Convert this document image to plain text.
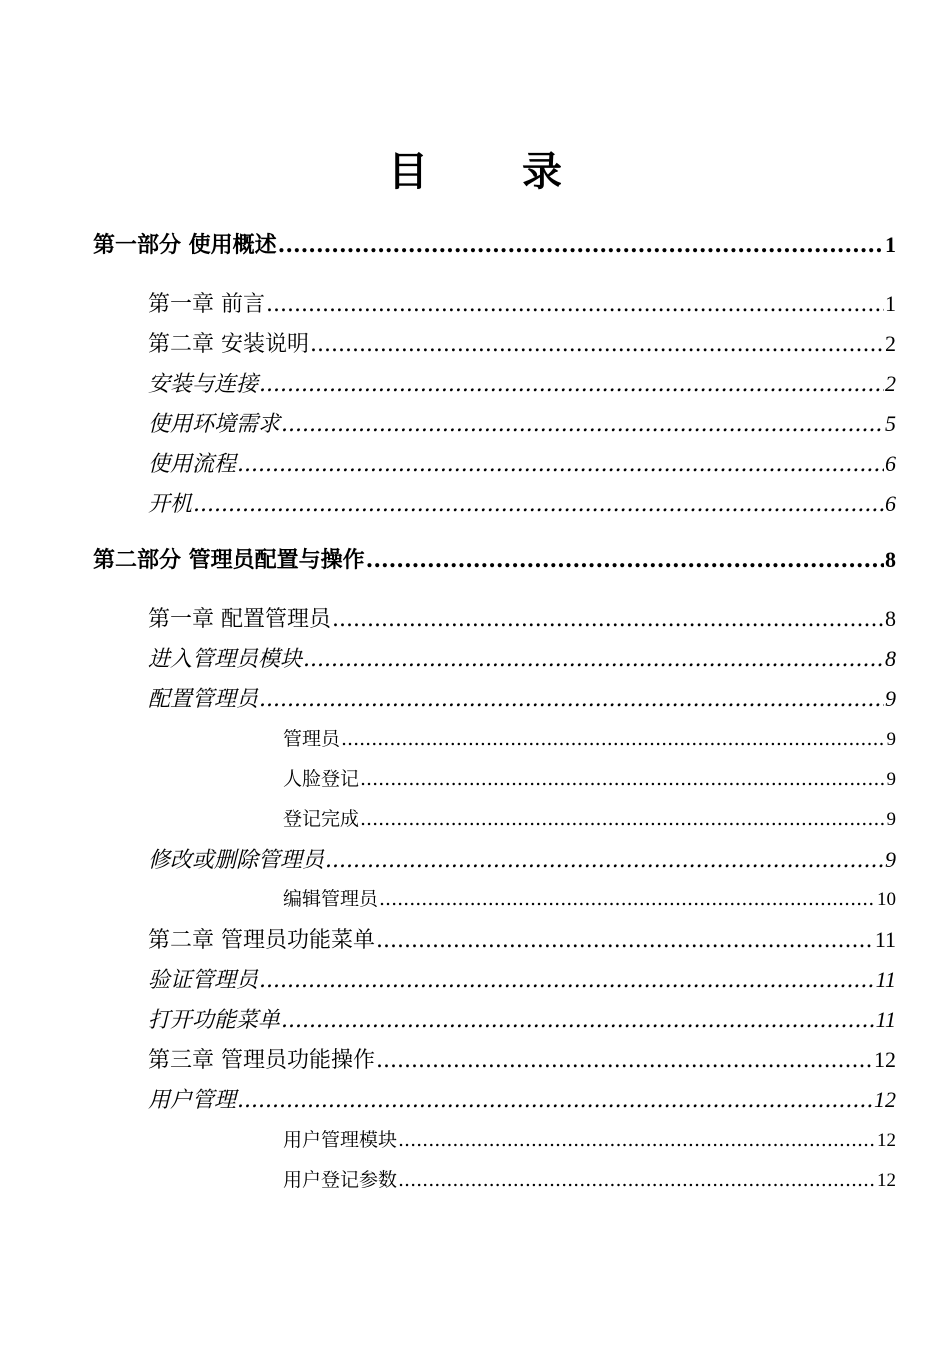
目 录
第一部分 使用概述 .....	1
第一章 前言 .....	1
第二章 安装说明 .....	2
安装与连接 .....	2
使用环境需求 .....	5
使用流程 .....	6
开机 .....	6
第二部分 管理员配置与操作 .....	8
第一章 配置管理员 .....	8
进入管理员模块 .....	8
配置管理员 .....	9
管理员 .....	9
人脸登记 .....	9
登记完成 .....	9
修改或删除管理员 .....	9
编辑管理员 .....	10
第二章 管理员功能菜单 .....	11
验证管理员 .....	11
打开功能菜单 .....	11
第三章 管理员功能操作 .....	12
用户管理 .....	12
用户管理模块 .....	12
用户登记参数 .....	12
